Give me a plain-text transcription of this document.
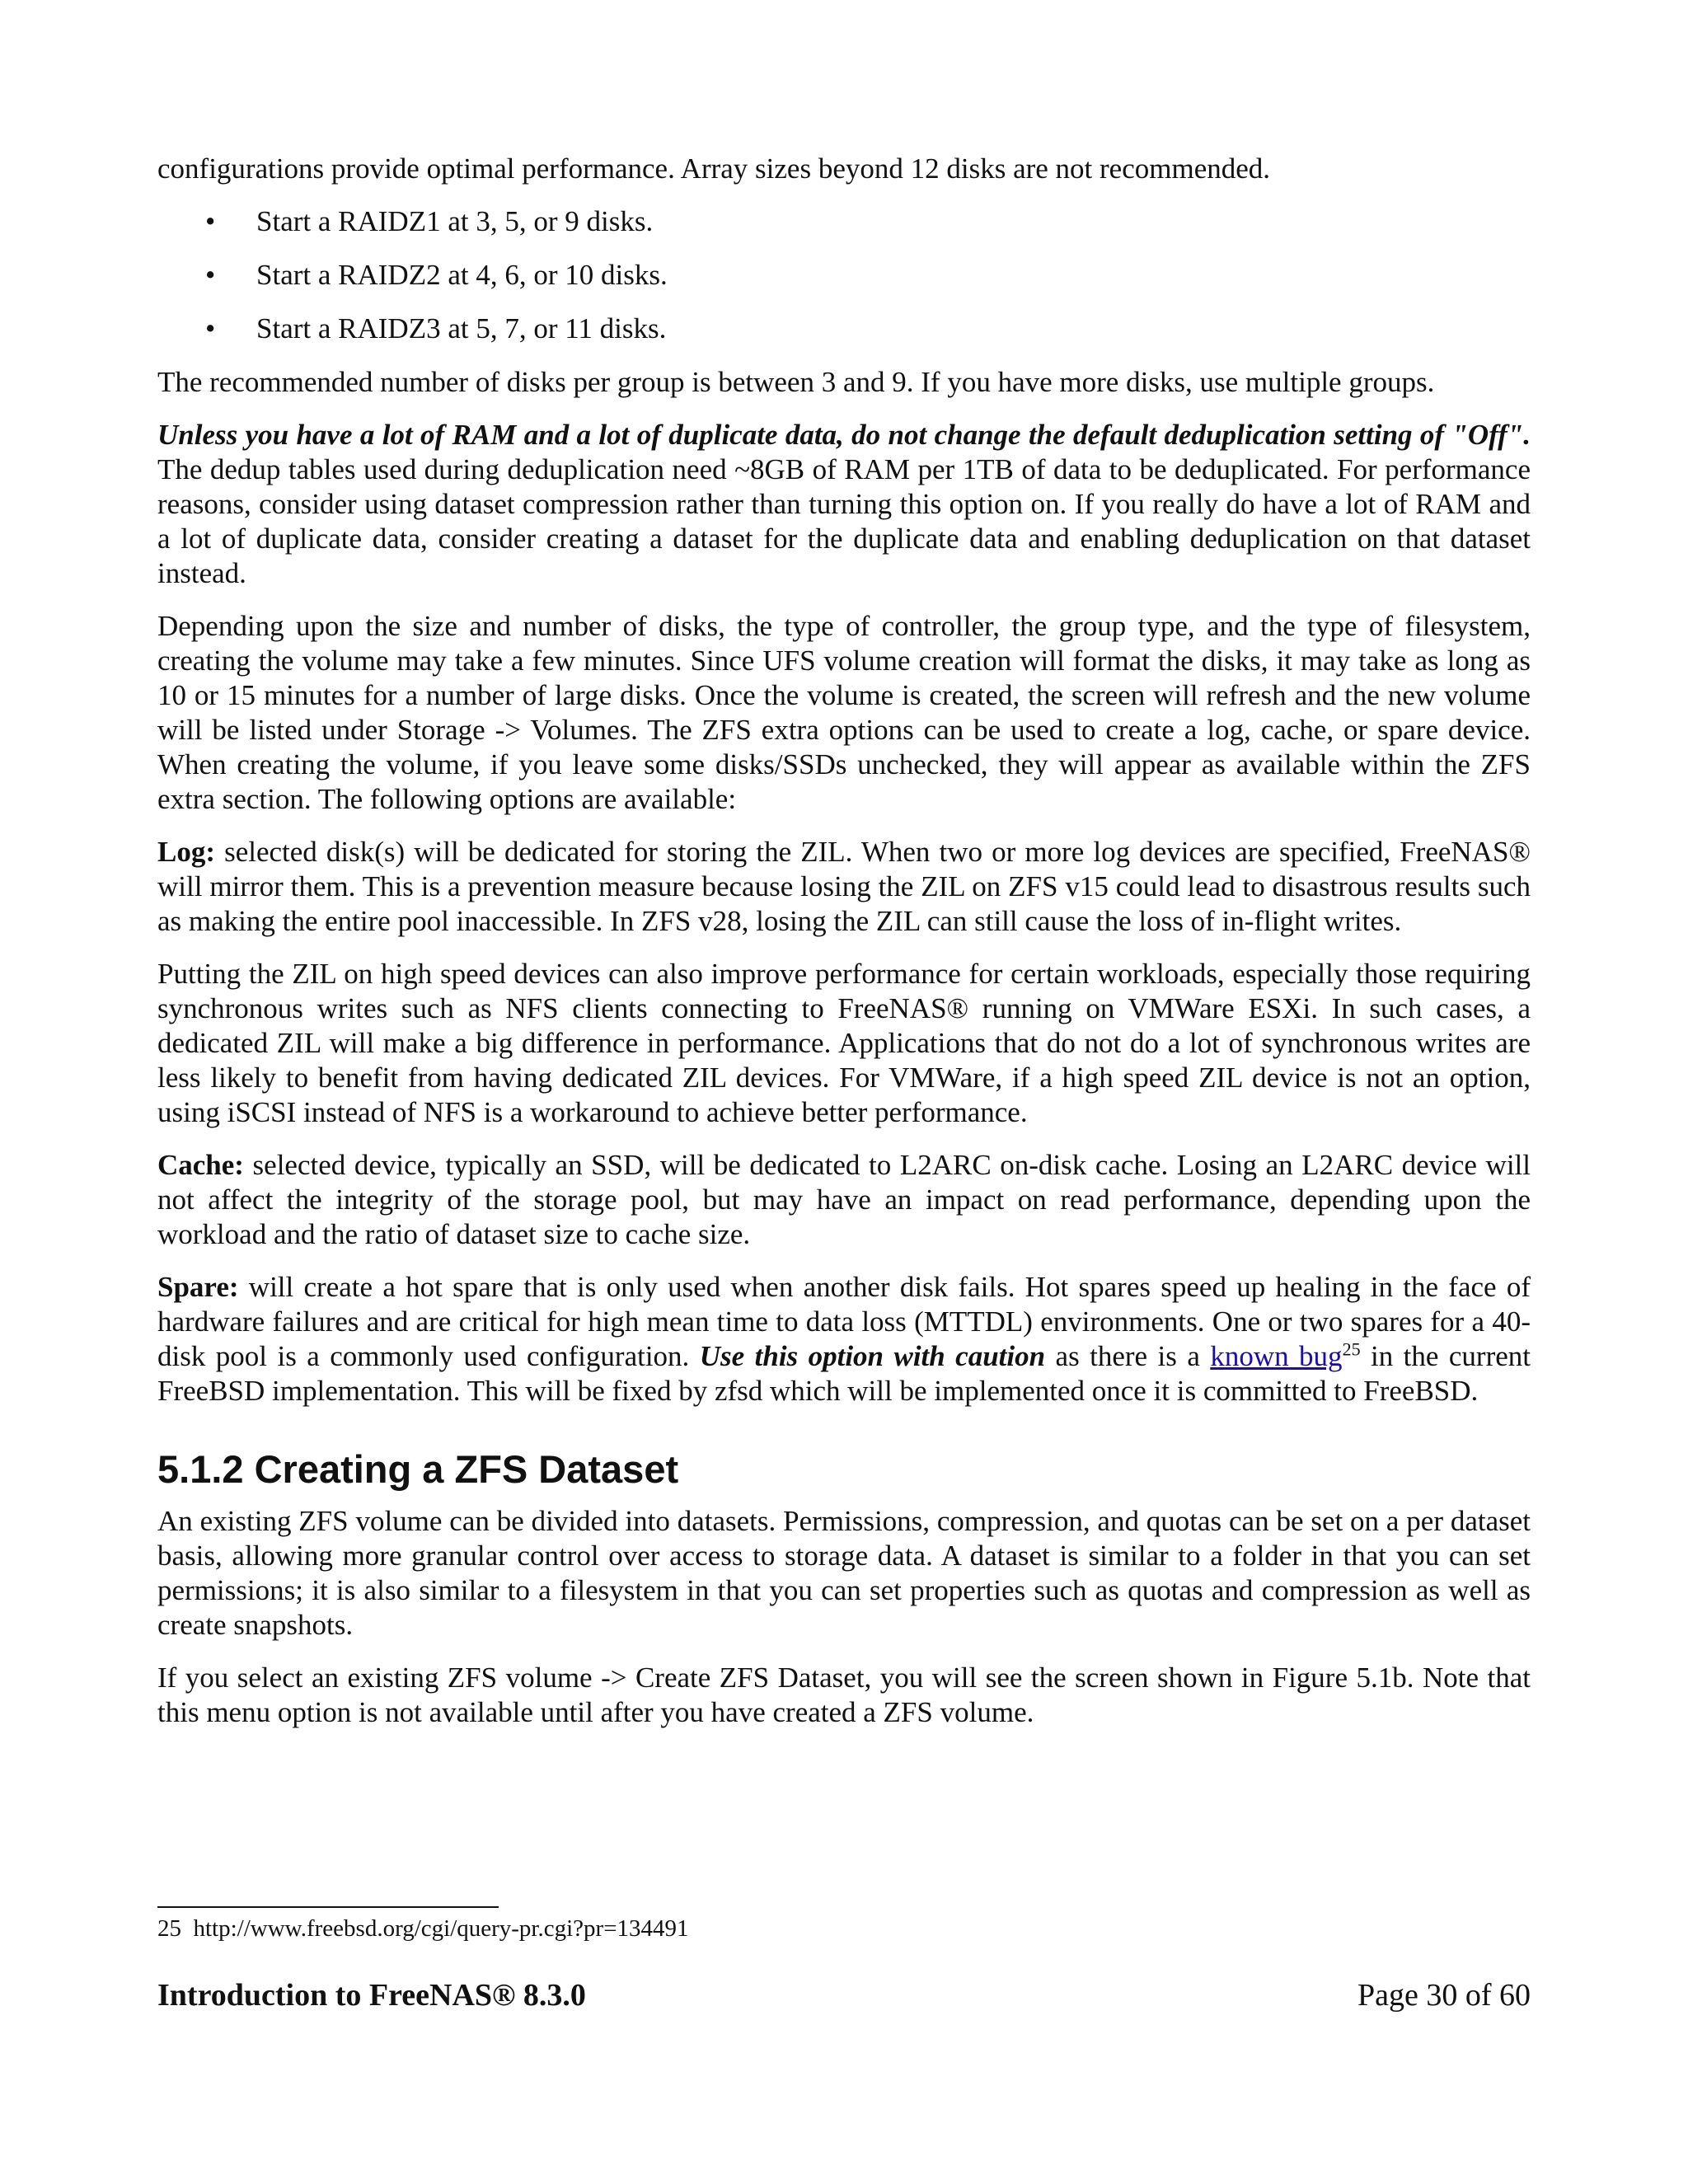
configurations provide optimal performance. Array sizes beyond 12 disks are not recommended.

• Start a RAIDZ1 at 3, 5, or 9 disks.
• Start a RAIDZ2 at 4, 6, or 10 disks.
• Start a RAIDZ3 at 5, 7, or 11 disks.

The recommended number of disks per group is between 3 and 9. If you have more disks, use multiple groups.

Unless you have a lot of RAM and a lot of duplicate data, do not change the default deduplication setting of "Off". The dedup tables used during deduplication need ~8GB of RAM per 1TB of data to be deduplicated. For performance reasons, consider using dataset compression rather than turning this option on. If you really do have a lot of RAM and a lot of duplicate data, consider creating a dataset for the duplicate data and enabling deduplication on that dataset instead.

Depending upon the size and number of disks, the type of controller, the group type, and the type of filesystem, creating the volume may take a few minutes. Since UFS volume creation will format the disks, it may take as long as 10 or 15 minutes for a number of large disks. Once the volume is created, the screen will refresh and the new volume will be listed under Storage -> Volumes. The ZFS extra options can be used to create a log, cache, or spare device. When creating the volume, if you leave some disks/SSDs unchecked, they will appear as available within the ZFS extra section. The following options are available:

Log: selected disk(s) will be dedicated for storing the ZIL. When two or more log devices are specified, FreeNAS® will mirror them. This is a prevention measure because losing the ZIL on ZFS v15 could lead to disastrous results such as making the entire pool inaccessible. In ZFS v28, losing the ZIL can still cause the loss of in-flight writes.

Putting the ZIL on high speed devices can also improve performance for certain workloads, especially those requiring synchronous writes such as NFS clients connecting to FreeNAS® running on VMWare ESXi. In such cases, a dedicated ZIL will make a big difference in performance. Applications that do not do a lot of synchronous writes are less likely to benefit from having dedicated ZIL devices. For VMWare, if a high speed ZIL device is not an option, using iSCSI instead of NFS is a workaround to achieve better performance.

Cache: selected device, typically an SSD, will be dedicated to L2ARC on-disk cache. Losing an L2ARC device will not affect the integrity of the storage pool, but may have an impact on read performance, depending upon the workload and the ratio of dataset size to cache size.

Spare: will create a hot spare that is only used when another disk fails. Hot spares speed up healing in the face of hardware failures and are critical for high mean time to data loss (MTTDL) environments. One or two spares for a 40-disk pool is a commonly used configuration. Use this option with caution as there is a known bug$^{25}$ in the current FreeBSD implementation. This will be fixed by zfsd which will be implemented once it is committed to FreeBSD.

5.1.2 Creating a ZFS Dataset

An existing ZFS volume can be divided into datasets. Permissions, compression, and quotas can be set on a per dataset basis, allowing more granular control over access to storage data. A dataset is similar to a folder in that you can set permissions; it is also similar to a filesystem in that you can set properties such as quotas and compression as well as create snapshots.

If you select an existing ZFS volume -> Create ZFS Dataset, you will see the screen shown in Figure 5.1b. Note that this menu option is not available until after you have created a ZFS volume.

25 http://www.freebsd.org/cgi/query-pr.cgi?pr=134491
Introduction to FreeNAS® 8.3.0	Page 30 of 60
